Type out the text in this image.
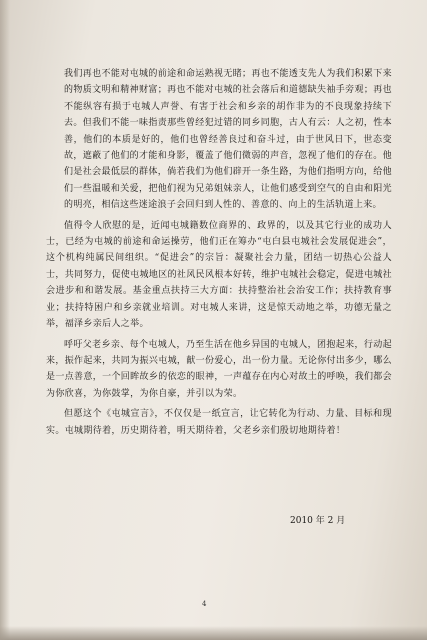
我们再也不能对屯城的前途和命运熟视无睹；再也不能透支先人为我们积累下来的物质文明和精神财富；再也不能对屯城的社会落后和道德缺失袖手旁观；再也不能纵容有损于屯城人声誉、有害于社会和乡亲的胡作非为的不良现象持续下去。但我们不能一味指责那些曾经犯过错的同乡同胞，古人有云：人之初，性本善，他们的本质是好的，他们也曾经善良过和奋斗过，由于世风日下，世态变故，遮蔽了他们的才能和身影，覆盖了他们微弱的声音，忽视了他们的存在。他们是社会最低层的群体，倘若我们为他们辟开一条生路，为他们指明方向，给他们一些温暖和关爱，把他们视为兄弟姐妹亲人，让他们感受到空气的自由和阳光的明亮，相信这些迷途浪子会回归到人性的、善意的、向上的生活轨道上来。

值得令人欣慰的是，近闻屯城籍数位商界的、政界的，以及其它行业的成功人士，已经为屯城的前途和命运操劳，他们正在筹办“屯白县屯城社会发展促进会”，这个机构纯属民间组织。“促进会”的宗旨：凝聚社会力量，团结一切热心公益人士，共同努力，促使屯城地区的社风民风根本好转，维护屯城社会稳定，促进屯城社会进步和和谐发展。基金重点扶持三大方面：扶持整治社会治安工作；扶持教育事业；扶持特困户和乡亲就业培训。对屯城人来讲，这是惊天动地之举，功德无量之举，福泽乡亲后人之举。

呼吁父老乡亲、每个屯城人，乃至生活在他乡异国的屯城人，团抱起来，行动起来，振作起来，共同为振兴屯城，献一份爱心，出一份力量。无论你付出多少，哪么是一点善意，一个回眸故乡的依恋的眼神，一声蕴存在内心对故土的呼唤，我们都会为你欣喜，为你鼓掌，为你自豪，并引以为荣。

但愿这个《屯城宣言》，不仅仅是一纸宣言，让它转化为行动、力量、目标和现实。屯城期待着，历史期待着，明天期待着，父老乡亲们殷切地期待着！

2010 年 2 月
4
